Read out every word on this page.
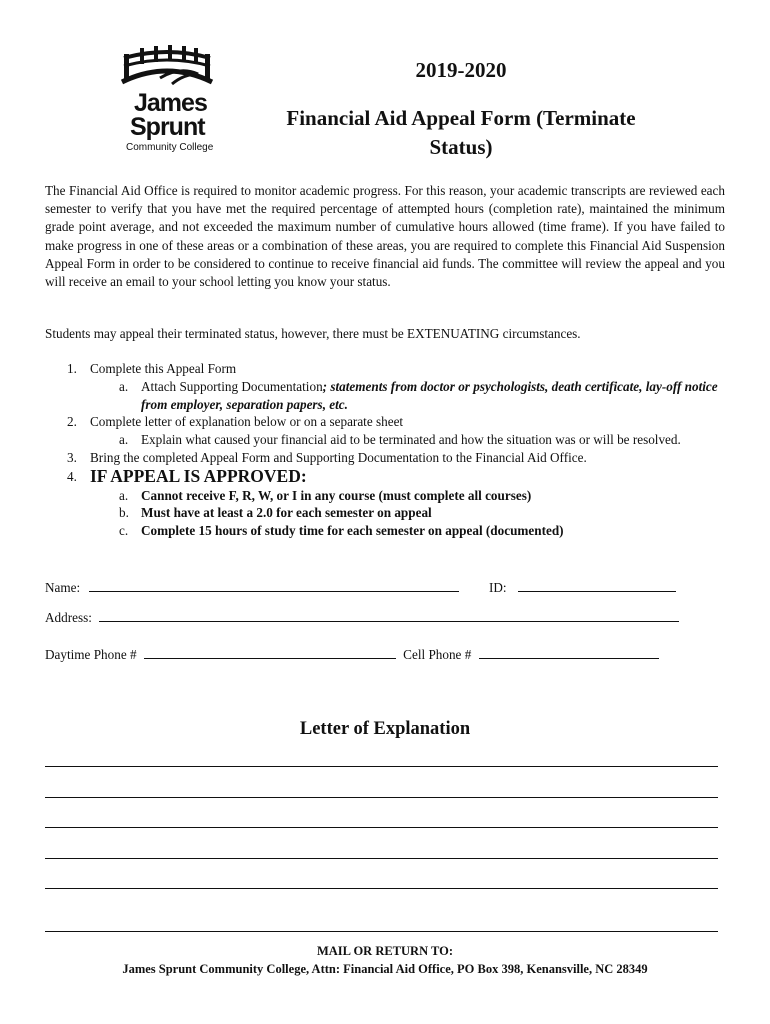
James
Sprunt
Community College
2019-2020
Financial Aid Appeal Form (Terminate Status)
The Financial Aid Office is required to monitor academic progress. For this reason, your academic transcripts are reviewed each semester to verify that you have met the required percentage of attempted hours (completion rate), maintained the minimum grade point average, and not exceeded the maximum number of cumulative hours allowed (time frame). If you have failed to make progress in one of these areas or a combination of these areas, you are required to complete this Financial Aid Suspension Appeal Form in order to be considered to continue to receive financial aid funds. The committee will review the appeal and you will receive an email to your school letting you know your status.
Students may appeal their terminated status, however, there must be EXTENUATING circumstances.
1. Complete this Appeal Form
a. Attach Supporting Documentation; statements from doctor or psychologists, death certificate, lay-off notice from employer, separation papers, etc.
2. Complete letter of explanation below or on a separate sheet
a. Explain what caused your financial aid to be terminated and how the situation was or will be resolved.
3. Bring the completed Appeal Form and Supporting Documentation to the Financial Aid Office.
4. IF APPEAL IS APPROVED:
a. Cannot receive F, R, W, or I in any course (must complete all courses)
b. Must have at least a 2.0 for each semester on appeal
c. Complete 15 hours of study time for each semester on appeal (documented)
Name:	ID:
Address:
Daytime Phone #	Cell Phone #
Letter of Explanation
MAIL OR RETURN TO:
James Sprunt Community College, Attn: Financial Aid Office, PO Box 398, Kenansville, NC 28349
